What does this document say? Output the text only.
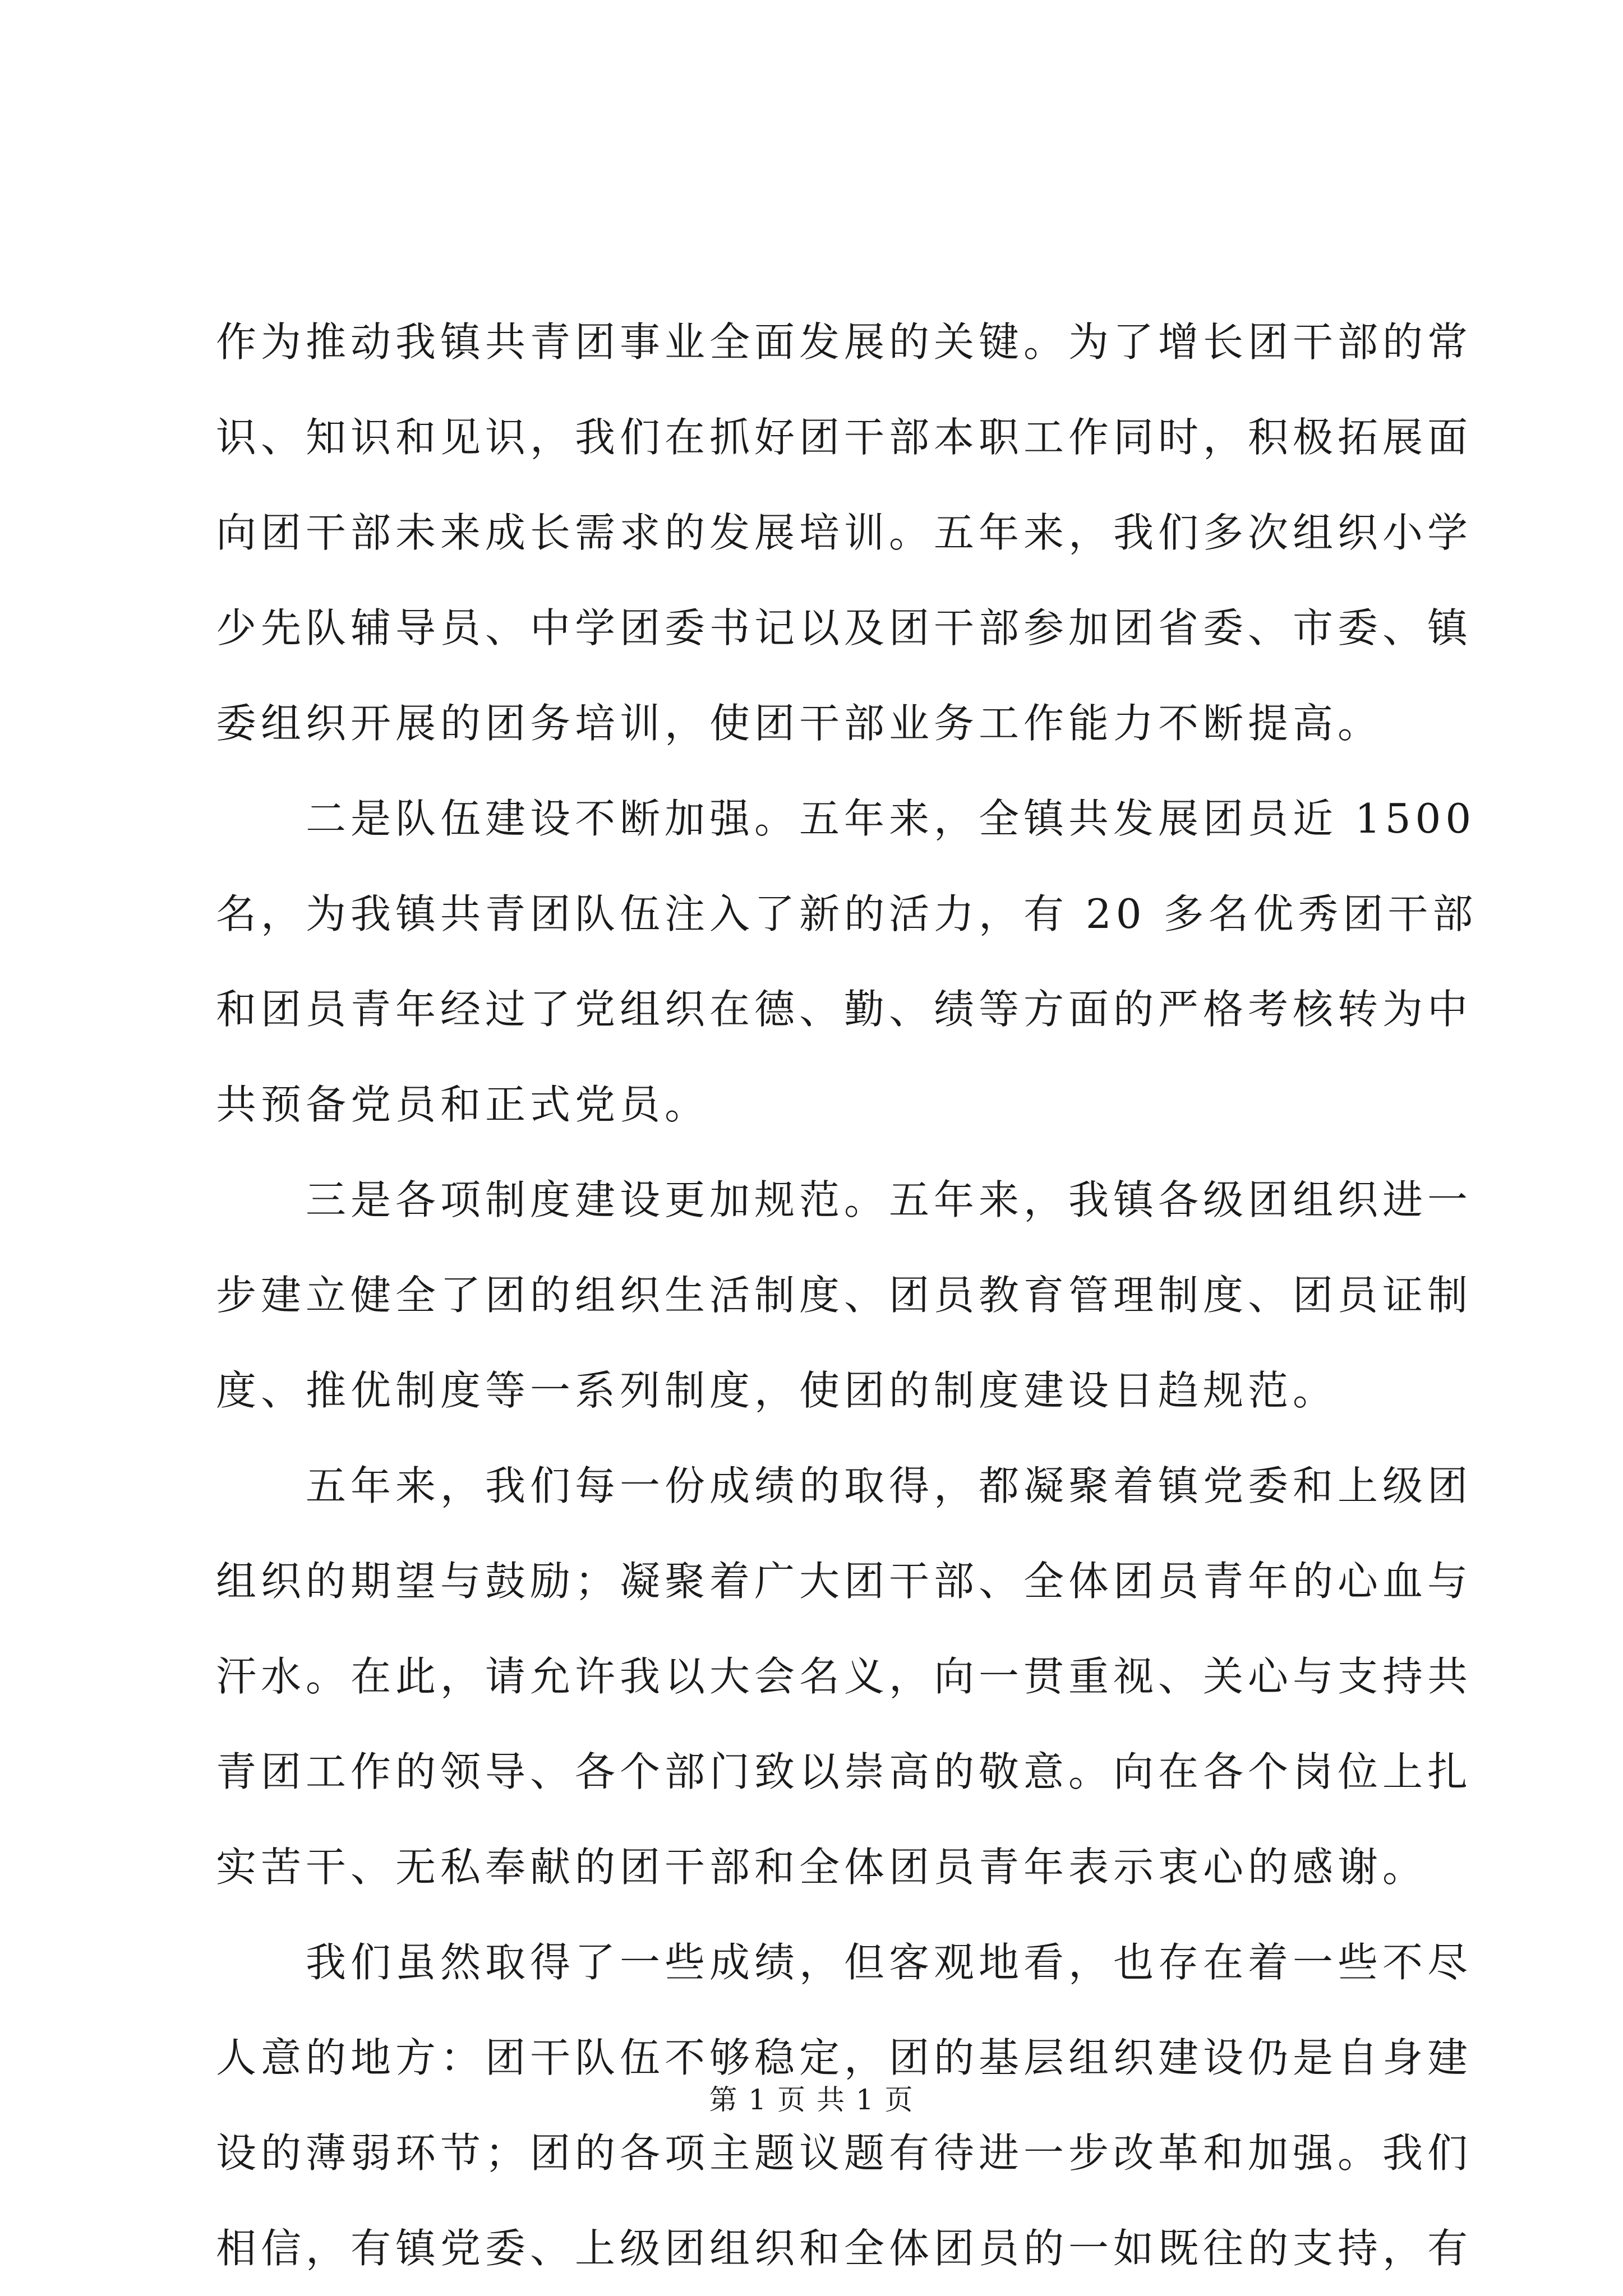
作为推动我镇共青团事业全面发展的关键。为了增长团干部的常
识、知识和见识，我们在抓好团干部本职工作同时，积极拓展面
向团干部未来成长需求的发展培训。五年来，我们多次组织小学
少先队辅导员、中学团委书记以及团干部参加团省委、市委、镇
委组织开展的团务培训，使团干部业务工作能力不断提高。
二是队伍建设不断加强。五年来，全镇共发展团员近 1500
名，为我镇共青团队伍注入了新的活力，有 20 多名优秀团干部
和团员青年经过了党组织在德、勤、绩等方面的严格考核转为中
共预备党员和正式党员。
三是各项制度建设更加规范。五年来，我镇各级团组织进一
步建立健全了团的组织生活制度、团员教育管理制度、团员证制
度、推优制度等一系列制度，使团的制度建设日趋规范。
五年来，我们每一份成绩的取得，都凝聚着镇党委和上级团
组织的期望与鼓励；凝聚着广大团干部、全体团员青年的心血与
汗水。在此，请允许我以大会名义，向一贯重视、关心与支持共
青团工作的领导、各个部门致以崇高的敬意。向在各个岗位上扎
实苦干、无私奉献的团干部和全体团员青年表示衷心的感谢。
我们虽然取得了一些成绩，但客观地看，也存在着一些不尽
人意的地方：团干队伍不够稳定，团的基层组织建设仍是自身建
设的薄弱环节；团的各项主题议题有待进一步改革和加强。我们
相信，有镇党委、上级团组织和全体团员的一如既往的支持，有
第 1 页 共 1 页
